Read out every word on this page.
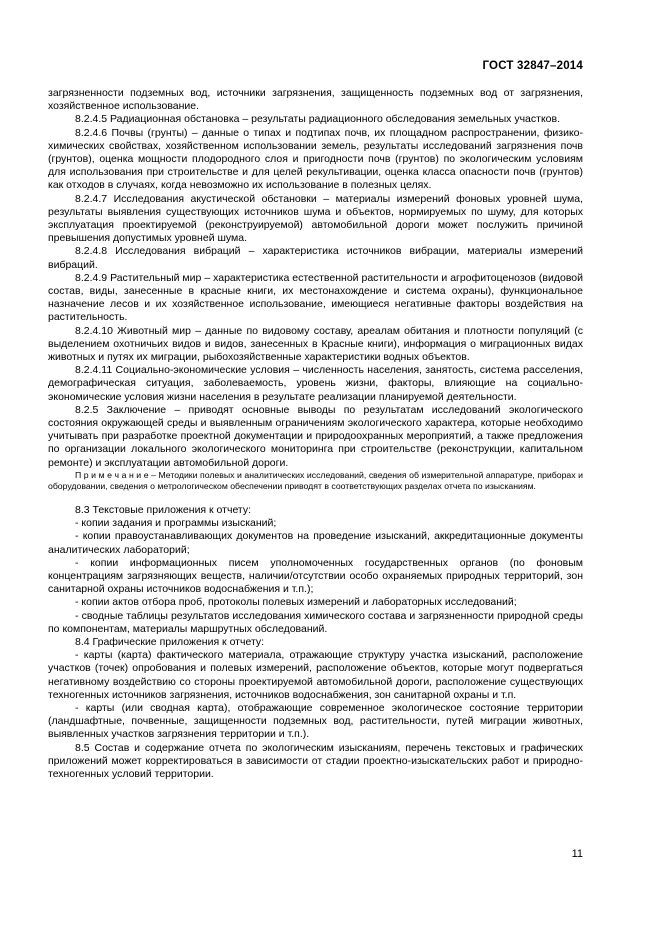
ГОСТ 32847–2014

загрязненности подземных вод, источники загрязнения, защищенность подземных вод от загрязнения, хозяйственное использование.

8.2.4.5 Радиационная обстановка – результаты радиационного обследования земельных участков.

8.2.4.6 Почвы (грунты) – данные о типах и подтипах почв, их площадном распространении, физико-химических свойствах, хозяйственном использовании земель, результаты исследований загрязнения почв (грунтов), оценка мощности плодородного слоя и пригодности почв (грунтов) по экологическим условиям для использования при строительстве и для целей рекультивации, оценка класса опасности почв (грунтов) как отходов в случаях, когда невозможно их использование в полезных целях.

8.2.4.7 Исследования акустической обстановки – материалы измерений фоновых уровней шума, результаты выявления существующих источников шума и объектов, нормируемых по шуму, для которых эксплуатация проектируемой (реконструируемой) автомобильной дороги может послужить причиной превышения допустимых уровней шума.

8.2.4.8 Исследования вибраций – характеристика источников вибрации, материалы измерений вибраций.

8.2.4.9 Растительный мир – характеристика естественной растительности и агрофитоценозов (видовой состав, виды, занесенные в красные книги, их местонахождение и система охраны), функциональное назначение лесов и их хозяйственное использование, имеющиеся негативные факторы воздействия на растительность.

8.2.4.10 Животный мир – данные по видовому составу, ареалам обитания и плотности популяций (с выделением охотничьих видов и видов, занесенных в Красные книги), информация о миграционных видах животных и путях их миграции, рыбохозяйственные характеристики водных объектов.

8.2.4.11 Социально-экономические условия – численность населения, занятость, система расселения, демографическая ситуация, заболеваемость, уровень жизни, факторы, влияющие на социально-экономические условия жизни населения в результате реализации планируемой деятельности.

8.2.5 Заключение – приводят основные выводы по результатам исследований экологического состояния окружающей среды и выявленным ограничениям экологического характера, которые необходимо учитывать при разработке проектной документации и природоохранных мероприятий, а также предложения по организации локального экологического мониторинга при строительстве (реконструкции, капитальном ремонте) и эксплуатации автомобильной дороги.

П р и м е ч а н и е – Методики полевых и аналитических исследований, сведения об измерительной аппаратуре, приборах и оборудовании, сведения о метрологическом обеспечении приводят в соответствующих разделах отчета по изысканиям.

8.3 Текстовые приложения к отчету:

- копии задания и программы изысканий;

- копии правоустанавливающих документов на проведение изысканий, аккредитационные документы аналитических лабораторий;

- копии информационных писем уполномоченных государственных органов (по фоновым концентрациям загрязняющих веществ, наличии/отсутствии особо охраняемых природных территорий, зон санитарной охраны источников водоснабжения и т.п.);

- копии актов отбора проб, протоколы полевых измерений и лабораторных исследований;

- сводные таблицы результатов исследования химического состава и загрязненности природной среды по компонентам, материалы маршрутных обследований.

8.4 Графические приложения к отчету:

- карты (карта) фактического материала, отражающие структуру участка изысканий, расположение участков (точек) опробования и полевых измерений, расположение объектов, которые могут подвергаться негативному воздействию со стороны проектируемой автомобильной дороги, расположение существующих техногенных источников загрязнения, источников водоснабжения, зон санитарной охраны и т.п.

- карты (или сводная карта), отображающие современное экологическое состояние территории (ландшафтные, почвенные, защищенности подземных вод, растительности, путей миграции животных, выявленных участков загрязнения территории и т.п.).

8.5 Состав и содержание отчета по экологическим изысканиям, перечень текстовых и графических приложений может корректироваться в зависимости от стадии проектно-изыскательских работ и природно-техногенных условий территории.

11
